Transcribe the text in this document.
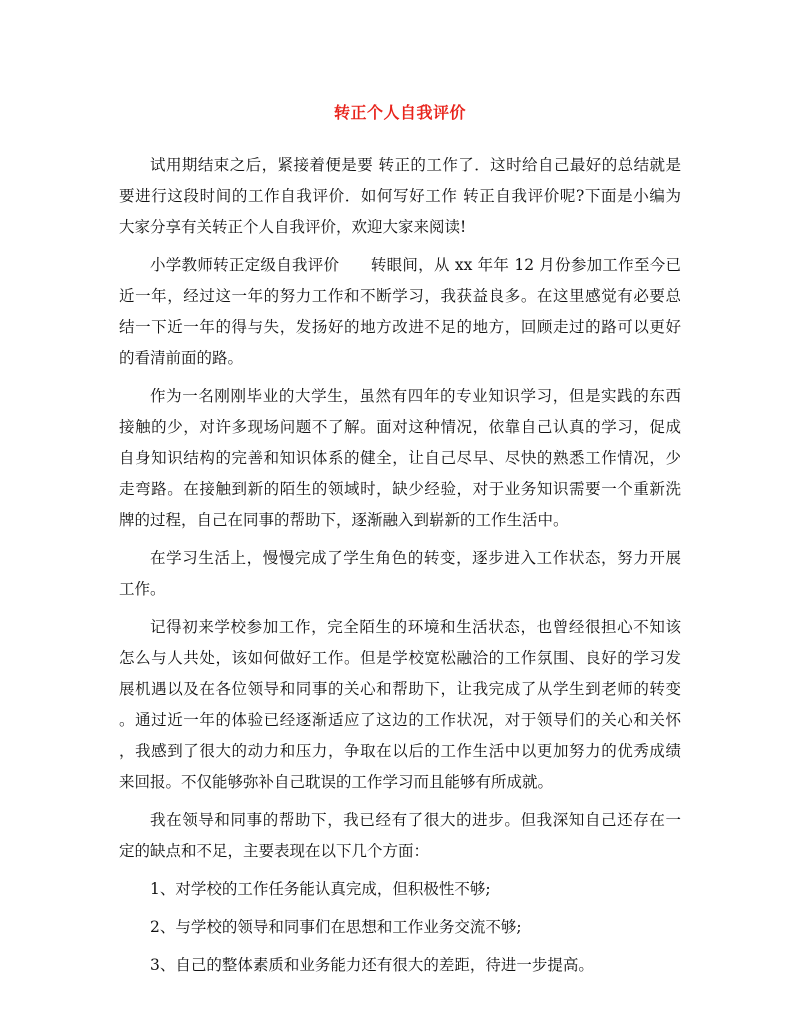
转正个人自我评价
试用期结束之后，紧接着便是要 转正的工作了．这时给自己最好的总结就是
要进行这段时间的工作自我评价．如何写好工作 转正自我评价呢?下面是小编为
大家分享有关转正个人自我评价，欢迎大家来阅读!
小学教师转正定级自我评价　　转眼间，从 xx 年年 12 月份参加工作至今已
近一年，经过这一年的努力工作和不断学习，我获益良多。在这里感觉有必要总
结一下近一年的得与失，发扬好的地方改进不足的地方，回顾走过的路可以更好
的看清前面的路。
作为一名刚刚毕业的大学生，虽然有四年的专业知识学习，但是实践的东西
接触的少，对许多现场问题不了解。面对这种情况，依靠自己认真的学习，促成
自身知识结构的完善和知识体系的健全，让自己尽早、尽快的熟悉工作情况，少
走弯路。在接触到新的陌生的领域时，缺少经验，对于业务知识需要一个重新洗
牌的过程，自己在同事的帮助下，逐渐融入到崭新的工作生活中。
在学习生活上，慢慢完成了学生角色的转变，逐步进入工作状态，努力开展
工作。
记得初来学校参加工作，完全陌生的环境和生活状态，也曾经很担心不知该
怎么与人共处，该如何做好工作。但是学校宽松融洽的工作氛围、良好的学习发
展机遇以及在各位领导和同事的关心和帮助下，让我完成了从学生到老师的转变
。通过近一年的体验已经逐渐适应了这边的工作状况，对于领导们的关心和关怀
，我感到了很大的动力和压力，争取在以后的工作生活中以更加努力的优秀成绩
来回报。不仅能够弥补自己耽误的工作学习而且能够有所成就。
我在领导和同事的帮助下，我已经有了很大的进步。但我深知自己还存在一
定的缺点和不足，主要表现在以下几个方面：
1、对学校的工作任务能认真完成，但积极性不够;
2、与学校的领导和同事们在思想和工作业务交流不够;
3、自己的整体素质和业务能力还有很大的差距，待进一步提高。
